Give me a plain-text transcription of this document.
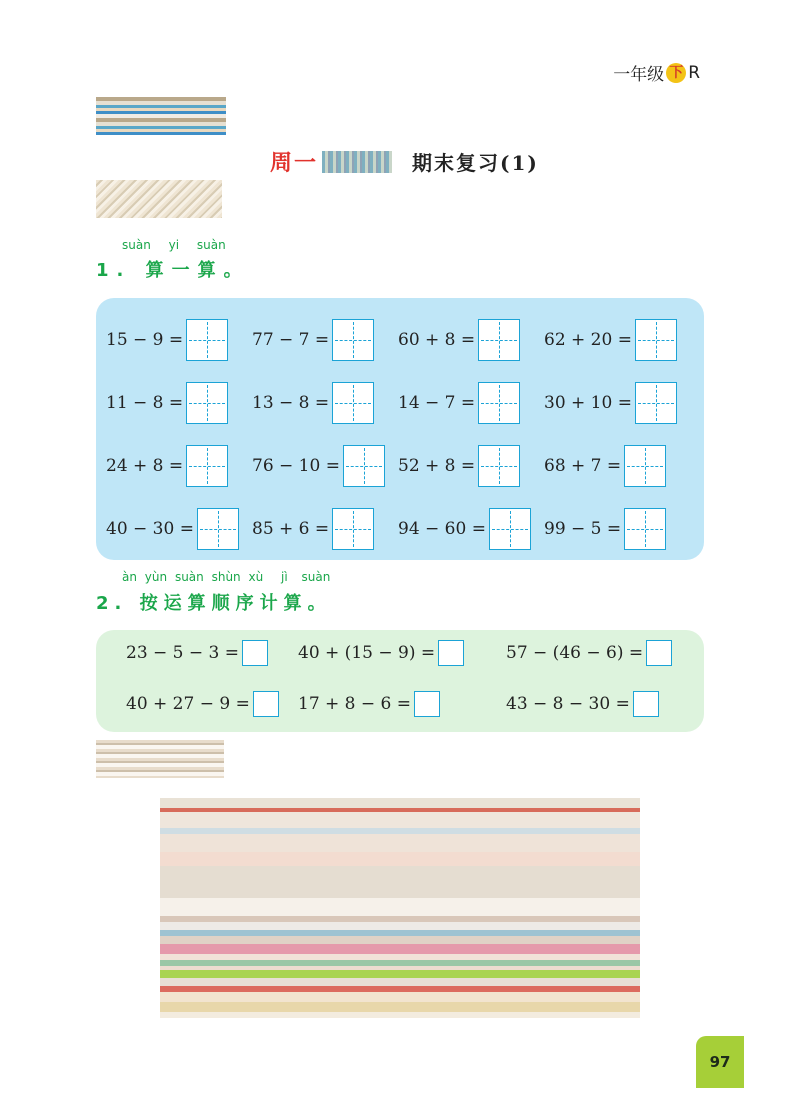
一年级 下 R
周一	期末复习(1)
suàn yi suàn
1. 算一算。
15 − 9 =	77 − 7 =	60 + 8 =	62 + 20 =
11 − 8 =	13 − 8 =	14 − 7 =	30 + 10 =
24 + 8 =	76 − 10 =	52 + 8 =	68 + 7 =
40 − 30 =	85 + 6 =	94 − 60 =	99 − 5 =
àn yùn suàn shùn xù jì suàn
2. 按运算顺序计算。
23 − 5 − 3 =	40 + (15 − 9) =	57 − (46 − 6) =
40 + 27 − 9 =	17 + 8 − 6 =	43 − 8 − 30 =
97
